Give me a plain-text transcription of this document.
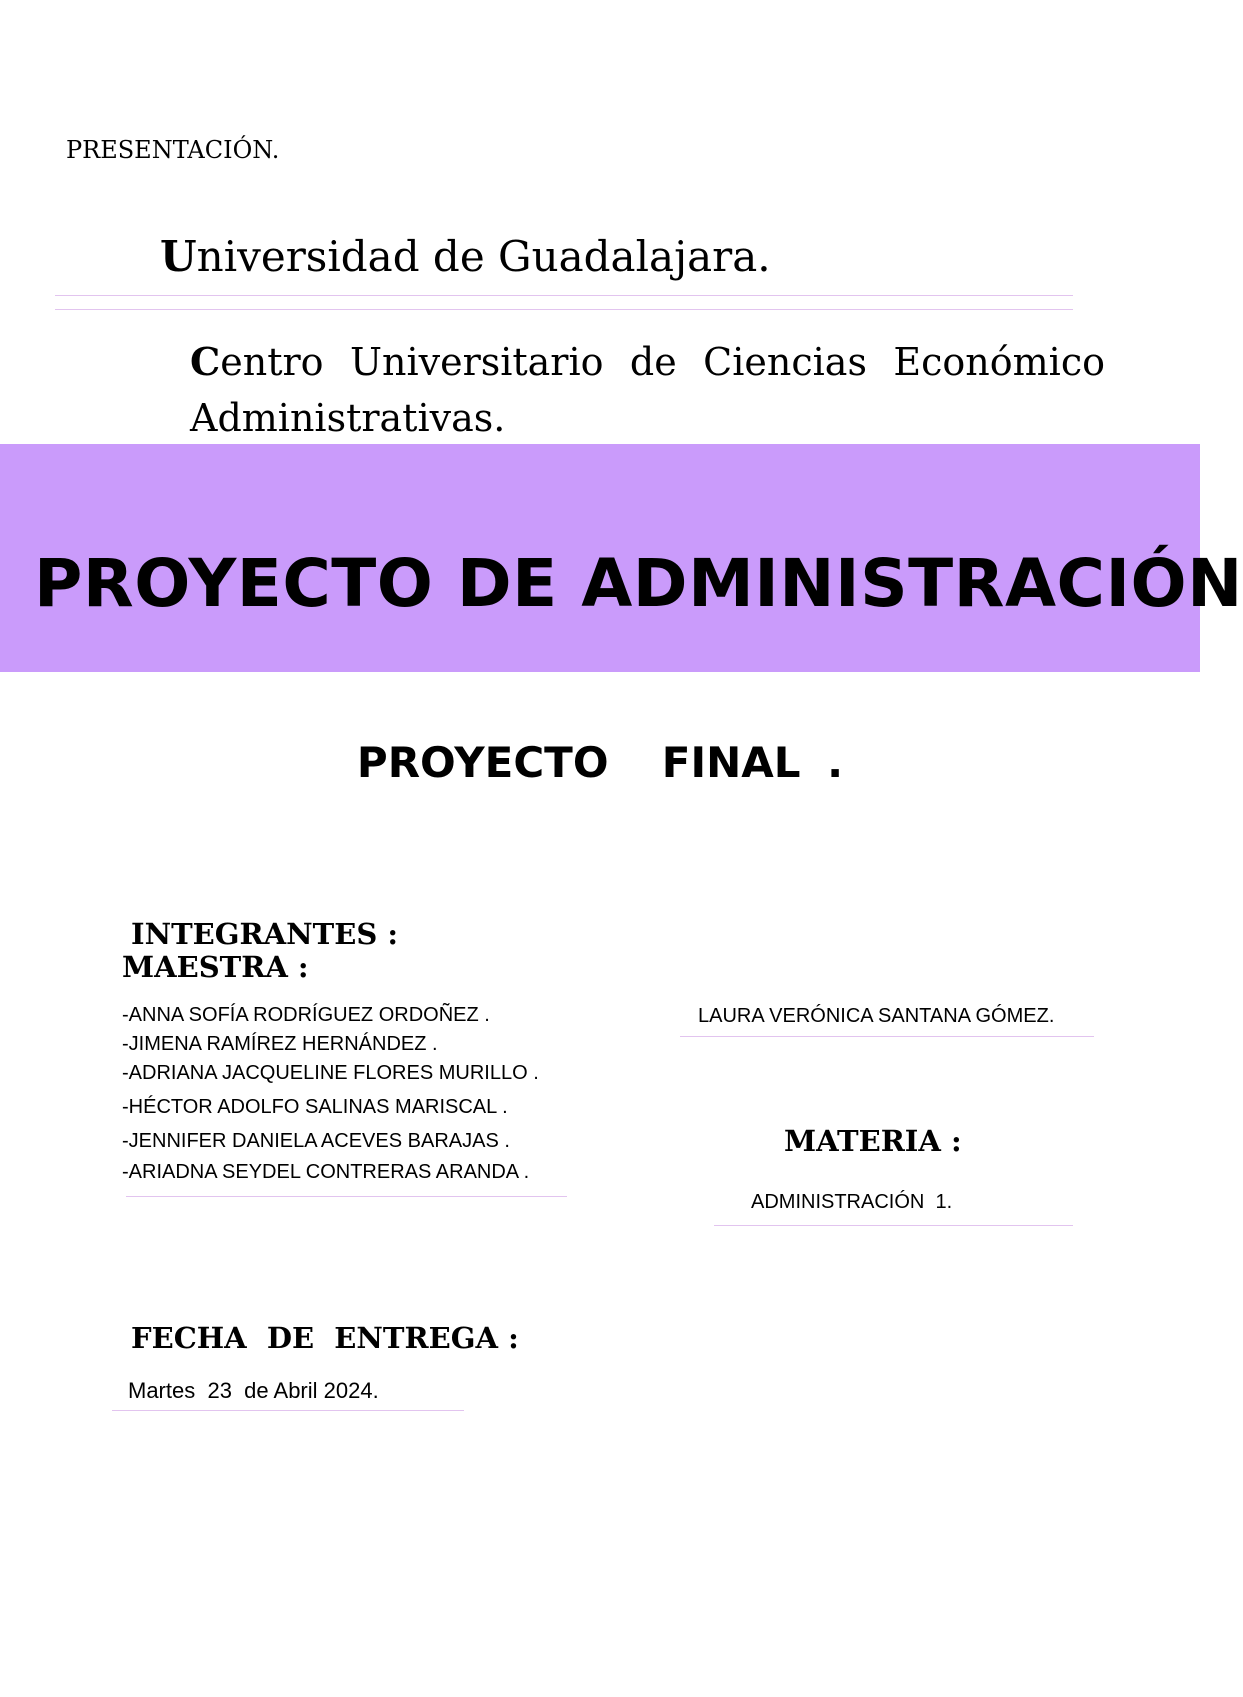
PRESENTACIÓN.
Universidad de Guadalajara.
Centro Universitario de Ciencias Económico Administrativas.
PROYECTO DE ADMINISTRACIÓN
PROYECTO  FINAL .
INTEGRANTES :
MAESTRA :
-ANNA SOFÍA RODRÍGUEZ ORDOÑEZ .
-JIMENA RAMÍREZ HERNÁNDEZ .
-ADRIANA JACQUELINE FLORES MURILLO .
-HÉCTOR ADOLFO SALINAS MARISCAL .
-JENNIFER DANIELA ACEVES BARAJAS .
-ARIADNA SEYDEL CONTRERAS ARANDA .
LAURA VERÓNICA SANTANA GÓMEZ.
MATERIA :
ADMINISTRACIÓN  1.
FECHA  DE  ENTREGA :
Martes  23  de Abril 2024.
